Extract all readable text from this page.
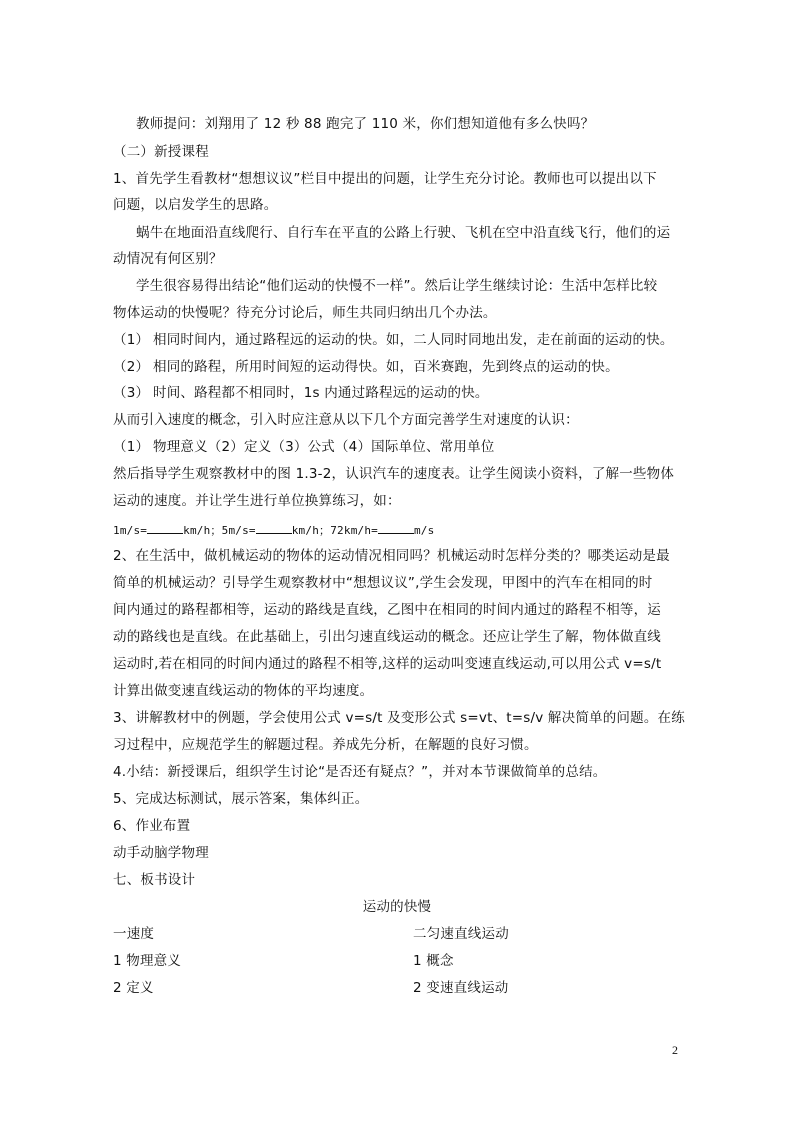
教师提问：刘翔用了 12 秒 88 跑完了 110 米，你们想知道他有多么快吗？
（二）新授课程
1、首先学生看教材“想想议议”栏目中提出的问题，让学生充分讨论。教师也可以提出以下
问题，以启发学生的思路。
蜗牛在地面沿直线爬行、自行车在平直的公路上行驶、飞机在空中沿直线飞行，他们的运
动情况有何区别？
学生很容易得出结论“他们运动的快慢不一样”。然后让学生继续讨论：生活中怎样比较
物体运动的快慢呢？待充分讨论后，师生共同归纳出几个办法。
（1） 相同时间内，通过路程远的运动的快。如，二人同时同地出发，走在前面的运动的快。
（2） 相同的路程，所用时间短的运动得快。如，百米赛跑，先到终点的运动的快。
（3） 时间、路程都不相同时，1s 内通过路程远的运动的快。
从而引入速度的概念，引入时应注意从以下几个方面完善学生对速度的认识：
（1） 物理意义（2）定义（3）公式（4）国际单位、常用单位
然后指导学生观察教材中的图 1.3-2，认识汽车的速度表。让学生阅读小资料，了解一些物体
运动的速度。并让学生进行单位换算练习，如：
1m/s=	km/h；5m/s=	km/h；72km/h=	m/s
2、在生活中，做机械运动的物体的运动情况相同吗？机械运动时怎样分类的？哪类运动是最
简单的机械运动？引导学生观察教材中“想想议议”,学生会发现，甲图中的汽车在相同的时
间内通过的路程都相等，运动的路线是直线，乙图中在相同的时间内通过的路程不相等，运
动的路线也是直线。在此基础上，引出匀速直线运动的概念。还应让学生了解，物体做直线
运动时,若在相同的时间内通过的路程不相等,这样的运动叫变速直线运动,可以用公式 v=s/t
计算出做变速直线运动的物体的平均速度。
3、讲解教材中的例题，学会使用公式 v=s/t 及变形公式 s=vt、t=s/v 解决简单的问题。在练
习过程中，应规范学生的解题过程。养成先分析，在解题的良好习惯。
4.小结：新授课后，组织学生讨论“是否还有疑点？”，并对本节课做简单的总结。
5、完成达标测试，展示答案，集体纠正。
6、作业布置
动手动脑学物理
七、板书设计
运动的快慢
一速度	二匀速直线运动
1 物理意义	1 概念
2 定义	2 变速直线运动
2
